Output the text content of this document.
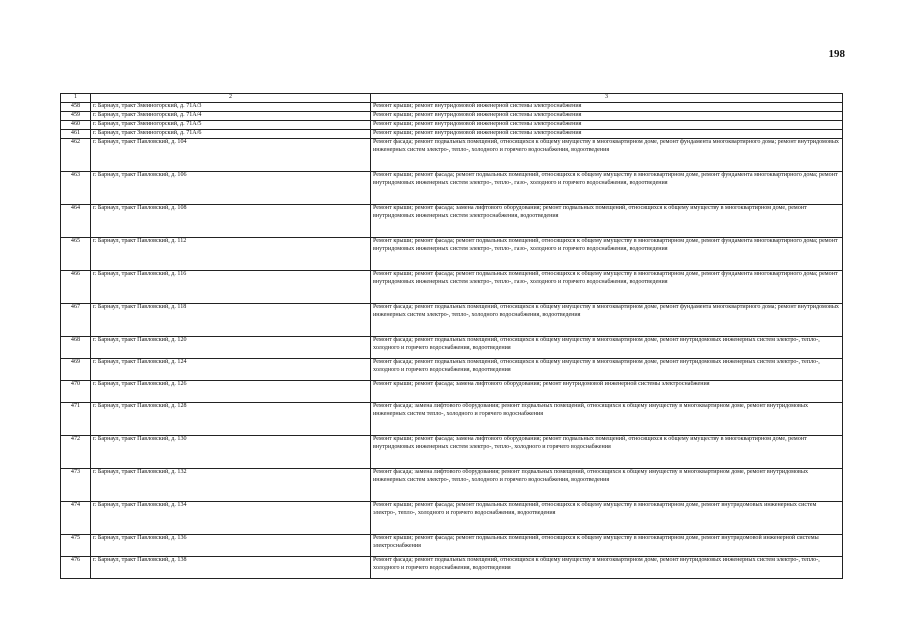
198
1	2	3
458	г. Барнаул, тракт Змеиногорский, д. 71А/3	Ремонт крыши; ремонт внутридомовой инженерной системы электроснабжения
459	г. Барнаул, тракт Змеиногорский, д. 71А/4	Ремонт крыши; ремонт внутридомовой инженерной системы электроснабжения
460	г. Барнаул, тракт Змеиногорский, д. 71А/5	Ремонт крыши; ремонт внутридомовой инженерной системы электроснабжения
461	г. Барнаул, тракт Змеиногорский, д. 71А/6	Ремонт крыши; ремонт внутридомовой инженерной системы электроснабжения
462	г. Барнаул, тракт Павловский, д. 104	Ремонт фасада; ремонт подвальных помещений, относящихся к общему имуществу в многоквартирном доме, ремонт фундамента многоквартирного дома; ремонт внутридомовых инженерных систем электро-, тепло-, холодного и горячего водоснабжения, водоотведения
463	г. Барнаул, тракт Павловский, д. 106	Ремонт крыши; ремонт фасада; ремонт подвальных помещений, относящихся к общему имуществу в многоквартирном доме, ремонт фундамента многоквартирного дома; ремонт внутридомовых инженерных систем электро-, тепло-, газо-, холодного и горячего водоснабжения, водоотведения
464	г. Барнаул, тракт Павловский, д. 108	Ремонт крыши; ремонт фасада; замена лифтового оборудования; ремонт подвальных помещений, относящихся к общему имуществу в многоквартирном доме, ремонт внутридомовых инженерных систем электроснабжения, водоотведения
465	г. Барнаул, тракт Павловский, д. 112	Ремонт крыши; ремонт фасада; ремонт подвальных помещений, относящихся к общему имуществу в многоквартирном доме, ремонт фундамента многоквартирного дома; ремонт внутридомовых инженерных систем электро-, тепло-, газо-, холодного и горячего водоснабжения, водоотведения
466	г. Барнаул, тракт Павловский, д. 116	Ремонт крыши; ремонт фасада; ремонт подвальных помещений, относящихся к общему имуществу в многоквартирном доме, ремонт фундамента многоквартирного дома; ремонт внутридомовых инженерных систем электро-, тепло-, газо-, холодного и горячего водоснабжения, водоотведения
467	г. Барнаул, тракт Павловский, д. 118	Ремонт фасада; ремонт подвальных помещений, относящихся к общему имуществу в многоквартирном доме, ремонт фундамента многоквартирного дома; ремонт внутридомовых инженерных систем электро-, тепло-, холодного водоснабжения, водоотведения
468	г. Барнаул, тракт Павловский, д. 120	Ремонт фасада; ремонт подвальных помещений, относящихся к общему имуществу в многоквартирном доме, ремонт внутридомовых инженерных систем электро-, тепло-, холодного и горячего водоснабжения, водоотведения
469	г. Барнаул, тракт Павловский, д. 124	Ремонт фасада; ремонт подвальных помещений, относящихся к общему имуществу в многоквартирном доме, ремонт внутридомовых инженерных систем электро-, тепло-, холодного и горячего водоснабжения, водоотведения
470	г. Барнаул, тракт Павловский, д. 126	Ремонт крыши; ремонт фасада; замена лифтового оборудования; ремонт внутридомовой инженерной системы электроснабжения
471	г. Барнаул, тракт Павловский, д. 128	Ремонт фасада; замена лифтового оборудования; ремонт подвальных помещений, относящихся к общему имуществу в многоквартирном доме, ремонт внутридомовых инженерных систем тепло-, холодного и горячего водоснабжения
472	г. Барнаул, тракт Павловский, д. 130	Ремонт крыши; ремонт фасада; замена лифтового оборудования; ремонт подвальных помещений, относящихся к общему имуществу в многоквартирном доме, ремонт внутридомовых инженерных систем электро-, тепло-, холодного и горячего водоснабжения
473	г. Барнаул, тракт Павловский, д. 132	Ремонт фасада; замена лифтового оборудования; ремонт подвальных помещений, относящихся к общему имуществу в многоквартирном доме, ремонт внутридомовых инженерных систем электро-, тепло-, холодного и горячего водоснабжения, водоотведения
474	г. Барнаул, тракт Павловский, д. 134	Ремонт крыши; ремонт фасада; ремонт подвальных помещений, относящихся к общему имуществу в многоквартирном доме, ремонт внутридомовых инженерных систем электро-, тепло-, холодного и горячего водоснабжения, водоотведения
475	г. Барнаул, тракт Павловский, д. 136	Ремонт крыши; ремонт фасада; ремонт подвальных помещений, относящихся к общему имуществу в многоквартирном доме, ремонт внутридомовой инженерной системы электроснабжения
476	г. Барнаул, тракт Павловский, д. 138	Ремонт фасада; ремонт подвальных помещений, относящихся к общему имуществу в многоквартирном доме, ремонт внутридомовых инженерных систем электро-, тепло-, холодного и горячего водоснабжения, водоотведения
